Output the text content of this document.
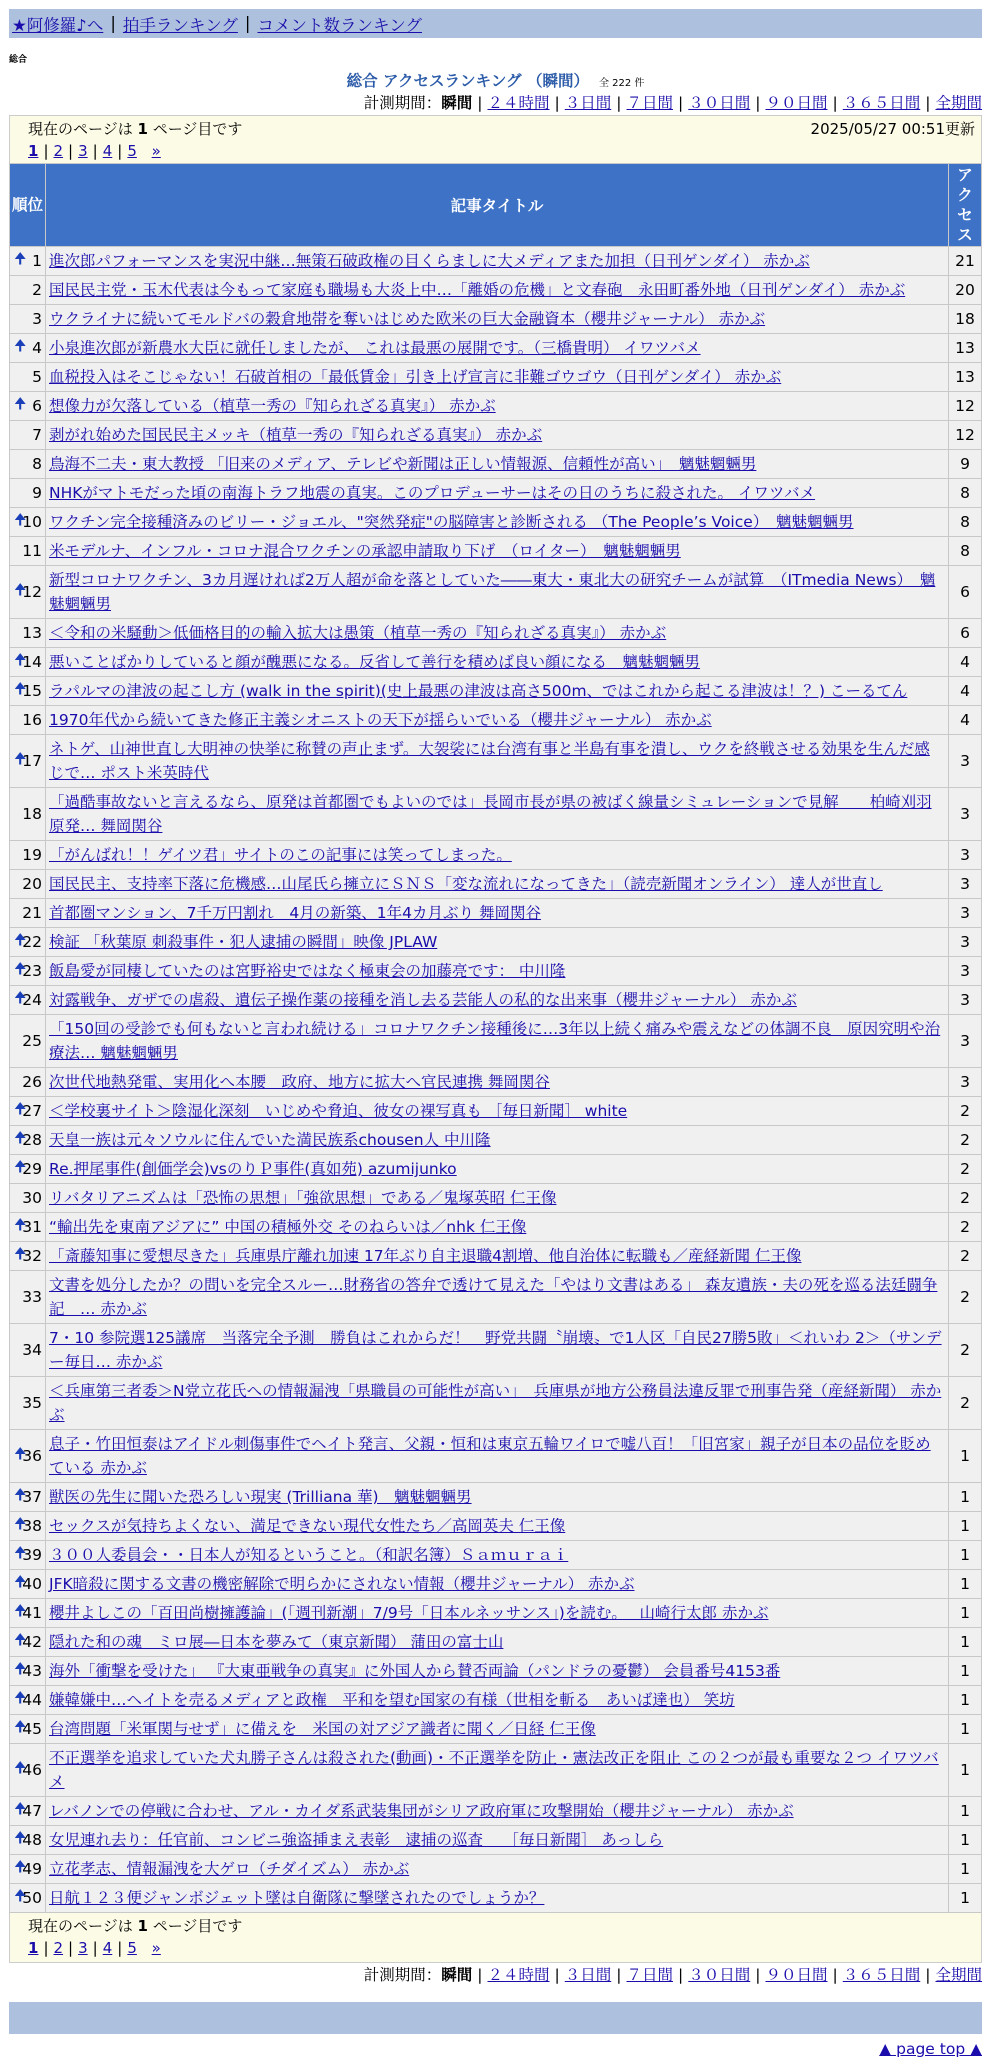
★阿修羅♪へ | 拍手ランキング | コメント数ランキング
総合
総合 アクセスランキング （瞬間） 全 222 件
計測期間：瞬間 | ２４時間 | ３日間 | ７日間 | ３０日間 | ９０日間 | ３６５日間 | 全期間
現在のページは 1 ページ目です	2025/05/27 00:51更新
1 | 2 | 3 | 4 | 5 »
順位	記事タイトル	アクセス

🠉 1	進次郎パフォーマンスを実況中継…無策石破政権の目くらましに大メディアまた加担（日刊ゲンダイ） 赤かぶ	21
2	国民民主党・玉木代表は今もって家庭も職場も大炎上中…「離婚の危機」と文春砲　永田町番外地（日刊ゲンダイ） 赤かぶ	20
3	ウクライナに続いてモルドバの穀倉地帯を奪いはじめた欧米の巨大金融資本（櫻井ジャーナル） 赤かぶ	18

🠉 4	小泉進次郎が新農水大臣に就任しましたが、 これは最悪の展開です。（三橋貴明） イワツバメ	13
5	血税投入はそこじゃない！石破首相の「最低賃金」引き上げ宣言に非難ゴウゴウ（日刊ゲンダイ） 赤かぶ	13

🠉 6	想像力が欠落している（植草一秀の『知られざる真実』） 赤かぶ	12
7	剥がれ始めた国民民主メッキ（植草一秀の『知られざる真実』） 赤かぶ	12
8	鳥海不二夫・東大教授 「旧来のメディア、テレビや新聞は正しい情報源、信頼性が高い」　魑魅魍魎男	9
9	NHKがマトモだった頃の南海トラフ地震の真実。このプロデューサーはその日のうちに殺された。 イワツバメ	8

🠉
10	ワクチン完全接種済みのビリー・ジョエル、"突然発症"の脳障害と診断される （The People’s Voice）　魑魅魍魎男	8
11	米モデルナ、インフル・コロナ混合ワクチンの承認申請取り下げ　（ロイター）　魑魅魍魎男	8

🠉
12	新型コロナワクチン、3カ月遅ければ2万人超が命を落としていた――東大・東北大の研究チームが試算　（ITmedia News）　魑魅魍魎男	6
13	＜令和の米騒動＞低価格目的の輸入拡大は愚策（植草一秀の『知られざる真実』） 赤かぶ	6

🠉
14	悪いことばかりしていると顔が醜悪になる。反省して善行を積めば良い顔になる　魑魅魍魎男	4

🠉
15	ラパルマの津波の起こし方 (walk in the spirit)(史上最悪の津波は高さ500m、ではこれから起こる津波は！？) こーるてん	4
16	1970年代から続いてきた修正主義シオニストの天下が揺らいでいる（櫻井ジャーナル） 赤かぶ	4

🠉
17	ネトゲ、山神世直し大明神の快挙に称賛の声止まず。大袈裟には台湾有事と半島有事を潰し、ウクを終戦させる効果を生んだ感じで… ポスト米英時代	3
18	「過酷事故ないと言えるなら、原発は首都圏でもよいのでは」長岡市長が県の被ばく線量シミュレーションで見解　　柏崎刈羽原発… 舞岡関谷	3
19	「がんばれ！！ゲイツ君」サイトのこの記事には笑ってしまった。	3
20	国民民主、支持率下落に危機感…山尾氏ら擁立にＳＮＳ「変な流れになってきた」（読売新聞オンライン） 達人が世直し	3
21	首都圏マンション、7千万円割れ　4月の新築、1年4カ月ぶり 舞岡関谷	3

🠉
22	検証 「秋葉原 刺殺事件・犯人逮捕の瞬間」映像 JPLAW	3

🠉
23	飯島愛が同棲していたのは宮野裕史ではなく極東会の加藤亮です： 中川隆	3

🠉
24	対露戦争、ガザでの虐殺、遺伝子操作薬の接種を消し去る芸能人の私的な出来事（櫻井ジャーナル） 赤かぶ	3
25	「150回の受診でも何もないと言われ続ける」コロナワクチン接種後に…3年以上続く痛みや震えなどの体調不良　原因究明や治療法… 魑魅魍魎男	3
26	次世代地熱発電、実用化へ本腰　政府、地方に拡大へ官民連携 舞岡関谷	3

🠉
27	＜学校裏サイト＞陰湿化深刻　いじめや脅迫、彼女の裸写真も ［毎日新聞］ white	2

🠉
28	天皇一族は元々ソウルに住んでいた満民族系chousen人 中川隆	2

🠉
29	Re.押尾事件(創価学会)vsのりＰ事件(真如苑) azumijunko	2
30	リバタリアニズムは「恐怖の思想」「強欲思想」である／鬼塚英昭 仁王像	2

🠉
31	“輸出先を東南アジアに” 中国の積極外交 そのねらいは／nhk 仁王像	2

🠉
32	「斎藤知事に愛想尽きた」兵庫県庁離れ加速 17年ぶり自主退職4割増、他自治体に転職も／産経新聞 仁王像	2
33	文書を処分したか？の問いを完全スルー…財務省の答弁で透けて見えた「やはり文書はある」 森友遺族・夫の死を巡る法廷闘争記　… 赤かぶ	2
34	7・10 参院選125議席　当落完全予測　勝負はこれからだ！　野党共闘〝崩壊〟で1人区「自民27勝5敗」＜れいわ 2＞（サンデー毎日… 赤かぶ	2
35	＜兵庫第三者委＞N党立花氏への情報漏洩「県職員の可能性が高い」　兵庫県が地方公務員法違反罪で刑事告発（産経新聞） 赤かぶ	2

🠉
36	息子・竹田恒泰はアイドル刺傷事件でヘイト発言、父親・恒和は東京五輪ワイロで嘘八百！「旧宮家」親子が日本の品位を貶めている 赤かぶ	1

🠉
37	獣医の先生に聞いた恐ろしい現実 (Trilliana 華)　魑魅魍魎男	1

🠉
38	セックスが気持ちよくない、満足できない現代女性たち／高岡英夫 仁王像	1

🠉
39	３００人委員会・・日本人が知るということ。（和訳名簿）Ｓａｍｕｒａｉ	1

🠉
40	JFK暗殺に関する文書の機密解除で明らかにされない情報（櫻井ジャーナル） 赤かぶ	1

🠉
41	櫻井よしこの「百田尚樹擁護論」(「週刊新潮」7/9号「日本ルネッサンス」)を読む。　 山崎行太郎 赤かぶ	1

🠉
42	隠れた和の魂　ミロ展―日本を夢みて（東京新聞） 蒲田の富士山	1

🠉
43	海外「衝撃を受けた」 『大東亜戦争の真実』に外国人から賛否両論（パンドラの憂鬱） 会員番号4153番	1

🠉
44	嫌韓嫌中…ヘイトを売るメディアと政権　平和を望む国家の有様（世相を斬る　あいば達也） 笑坊	1

🠉
45	台湾問題「米軍関与せず」に備えを　米国の対アジア識者に聞く／日経 仁王像	1

🠉
46	不正選挙を追求していた犬丸勝子さんは殺された(動画)・不正選挙を防止・憲法改正を阻止 この２つが最も重要な２つ イワツバメ	1

🠉
47	レバノンでの停戦に合わせ、アル・カイダ系武装集団がシリア政府軍に攻撃開始（櫻井ジャーナル） 赤かぶ	1

🠉
48	女児連れ去り：任官前、コンビニ強盗挿まえ表彰　逮捕の巡査　 ［毎日新聞］ あっしら	1

🠉
49	立花孝志、情報漏洩を大ゲロ（チダイズム） 赤かぶ	1

🠉
50	日航１２３便ジャンボジェット墜は自衛隊に撃墜されたのでしょうか？	1
現在のページは 1 ページ目です
1 | 2 | 3 | 4 | 5 »
計測期間：瞬間 | ２４時間 | ３日間 | ７日間 | ３０日間 | ９０日間 | ３６５日間 | 全期間
▲ page top ▲
